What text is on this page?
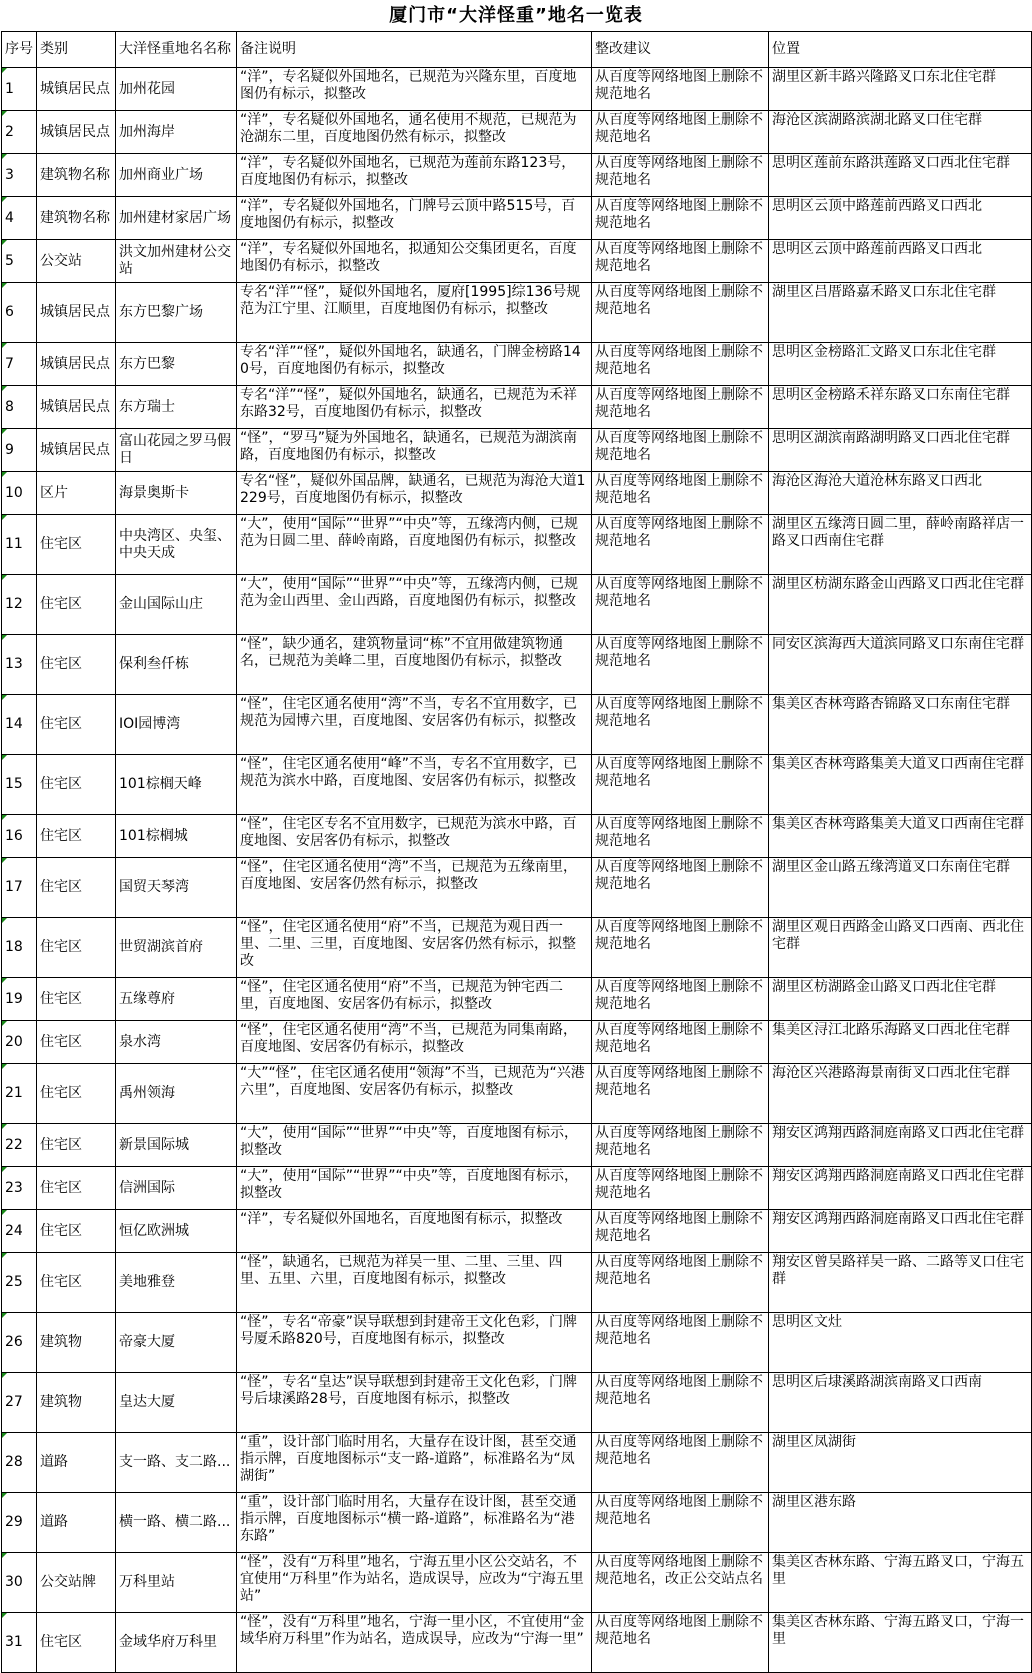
厦门市“大洋怪重”地名一览表
序号	类别	大洋怪重地名名称	备注说明	整改建议	位置
1	城镇居民点	加州花园	“洋”，专名疑似外国地名，已规范为兴隆东里，百度地图仍有标示，拟整改	从百度等网络地图上删除不规范地名	湖里区新丰路兴隆路叉口东北住宅群
2	城镇居民点	加州海岸	“洋”，专名疑似外国地名，通名使用不规范，已规范为沧湖东二里，百度地图仍然有标示，拟整改	从百度等网络地图上删除不规范地名	海沧区滨湖路滨湖北路叉口住宅群
3	建筑物名称	加州商业广场	“洋”，专名疑似外国地名，已规范为莲前东路123号，百度地图仍有标示，拟整改	从百度等网络地图上删除不规范地名	思明区莲前东路洪莲路叉口西北住宅群
4	建筑物名称	加州建材家居广场	“洋”，专名疑似外国地名，门牌号云顶中路515号，百度地图仍有标示，拟整改	从百度等网络地图上删除不规范地名	思明区云顶中路莲前西路叉口西北
5	公交站	洪文加州建材公交站	“洋”，专名疑似外国地名，拟通知公交集团更名，百度地图仍有标示，拟整改	从百度等网络地图上删除不规范地名	思明区云顶中路莲前西路叉口西北
6	城镇居民点	东方巴黎广场	专名“洋”“怪”，疑似外国地名，厦府[1995]综136号规范为江宁里、江顺里，百度地图仍有标示，拟整改	从百度等网络地图上删除不规范地名	湖里区吕厝路嘉禾路叉口东北住宅群
7	城镇居民点	东方巴黎	专名“洋”“怪”，疑似外国地名，缺通名，门牌金榜路140号，百度地图仍有标示，拟整改	从百度等网络地图上删除不规范地名	思明区金榜路汇文路叉口东北住宅群
8	城镇居民点	东方瑞士	专名“洋”“怪”，疑似外国地名，缺通名，已规范为禾祥东路32号，百度地图仍有标示，拟整改	从百度等网络地图上删除不规范地名	思明区金榜路禾祥东路叉口东南住宅群
9	城镇居民点	富山花园之罗马假日	“怪”，“罗马”疑为外国地名，缺通名，已规范为湖滨南路，百度地图仍有标示，拟整改	从百度等网络地图上删除不规范地名	思明区湖滨南路湖明路叉口西北住宅群
10	区片	海景奥斯卡	专名“怪”，疑似外国品牌，缺通名，已规范为海沧大道1229号，百度地图仍有标示，拟整改	从百度等网络地图上删除不规范地名	海沧区海沧大道沧林东路叉口西北
11	住宅区	中央湾区、央玺、中央天成	“大”，使用“国际”“世界”“中央”等，五缘湾内侧，已规范为日圆二里、薛岭南路，百度地图仍有标示，拟整改	从百度等网络地图上删除不规范地名	湖里区五缘湾日圆二里，薛岭南路祥店一路叉口西南住宅群
12	住宅区	金山国际山庄	“大”，使用“国际”“世界”“中央”等，五缘湾内侧，已规范为金山西里、金山西路，百度地图仍有标示，拟整改	从百度等网络地图上删除不规范地名	湖里区枋湖东路金山西路叉口西北住宅群
13	住宅区	保利叁仟栋	“怪”，缺少通名，建筑物量词“栋”不宜用做建筑物通名，已规范为美峰二里，百度地图仍有标示，拟整改	从百度等网络地图上删除不规范地名	同安区滨海西大道滨同路叉口东南住宅群
14	住宅区	IOI园博湾	“怪”，住宅区通名使用“湾”不当，专名不宜用数字，已规范为园博六里，百度地图、安居客仍有标示，拟整改	从百度等网络地图上删除不规范地名	集美区杏林弯路杏锦路叉口东南住宅群
15	住宅区	101棕榈天峰	“怪”，住宅区通名使用“峰”不当，专名不宜用数字，已规范为滨水中路，百度地图、安居客仍有标示，拟整改	从百度等网络地图上删除不规范地名	集美区杏林弯路集美大道叉口西南住宅群
16	住宅区	101棕榈城	“怪”，住宅区专名不宜用数字，已规范为滨水中路，百度地图、安居客仍有标示，拟整改	从百度等网络地图上删除不规范地名	集美区杏林弯路集美大道叉口西南住宅群
17	住宅区	国贸天琴湾	“怪”，住宅区通名使用“湾”不当，已规范为五缘南里，百度地图、安居客仍然有标示，拟整改	从百度等网络地图上删除不规范地名	湖里区金山路五缘湾道叉口东南住宅群
18	住宅区	世贸湖滨首府	“怪”，住宅区通名使用“府”不当，已规范为观日西一里、二里、三里，百度地图、安居客仍然有标示，拟整改	从百度等网络地图上删除不规范地名	湖里区观日西路金山路叉口西南、西北住宅群
19	住宅区	五缘尊府	“怪”，住宅区通名使用“府”不当，已规范为钟宅西二里，百度地图、安居客仍有标示，拟整改	从百度等网络地图上删除不规范地名	湖里区枋湖路金山路叉口西北住宅群
20	住宅区	泉水湾	“怪”，住宅区通名使用“湾”不当，已规范为同集南路，百度地图、安居客仍有标示，拟整改	从百度等网络地图上删除不规范地名	集美区浔江北路乐海路叉口西北住宅群
21	住宅区	禹州领海	“大”“怪”，住宅区通名使用“领海”不当，已规范为“兴港六里”，百度地图、安居客仍有标示，拟整改	从百度等网络地图上删除不规范地名	海沧区兴港路海景南街叉口西北住宅群
22	住宅区	新景国际城	“大”，使用“国际”“世界”“中央”等，百度地图有标示，拟整改	从百度等网络地图上删除不规范地名	翔安区鸿翔西路洞庭南路叉口西北住宅群
23	住宅区	信洲国际	“大”，使用“国际”“世界”“中央”等，百度地图有标示，拟整改	从百度等网络地图上删除不规范地名	翔安区鸿翔西路洞庭南路叉口西北住宅群
24	住宅区	恒亿欧洲城	“洋”，专名疑似外国地名，百度地图有标示，拟整改	从百度等网络地图上删除不规范地名	翔安区鸿翔西路洞庭南路叉口西北住宅群
25	住宅区	美地雅登	“怪”，缺通名，已规范为祥吴一里、二里、三里、四里、五里、六里，百度地图有标示，拟整改	从百度等网络地图上删除不规范地名	翔安区曾吴路祥吴一路、二路等叉口住宅群
26	建筑物	帝豪大厦	“怪”，专名“帝豪”误导联想到封建帝王文化色彩，门牌号厦禾路820号，百度地图有标示，拟整改	从百度等网络地图上删除不规范地名	思明区文灶
27	建筑物	皇达大厦	“怪”，专名“皇达”误导联想到封建帝王文化色彩，门牌号后埭溪路28号，百度地图有标示，拟整改	从百度等网络地图上删除不规范地名	思明区后埭溪路湖滨南路叉口西南
28	道路	支一路、支二路...	“重”，设计部门临时用名，大量存在设计图，甚至交通指示牌，百度地图标示“支一路-道路”，标准路名为“凤湖街”	从百度等网络地图上删除不规范地名	湖里区凤湖街
29	道路	横一路、横二路...	“重”，设计部门临时用名，大量存在设计图，甚至交通指示牌，百度地图标示“横一路-道路”，标准路名为“港东路”	从百度等网络地图上删除不规范地名	湖里区港东路
30	公交站牌	万科里站	“怪”，没有“万科里”地名，宁海五里小区公交站名，不宜使用“万科里”作为站名，造成误导，应改为“宁海五里站”	从百度等网络地图上删除不规范地名，改正公交站点名	集美区杏林东路、宁海五路叉口，宁海五里
31	住宅区	金域华府万科里	“怪”，没有“万科里”地名，宁海一里小区，不宜使用“金域华府万科里”作为站名，造成误导，应改为“宁海一里”	从百度等网络地图上删除不规范地名	集美区杏林东路、宁海五路叉口，宁海一里
